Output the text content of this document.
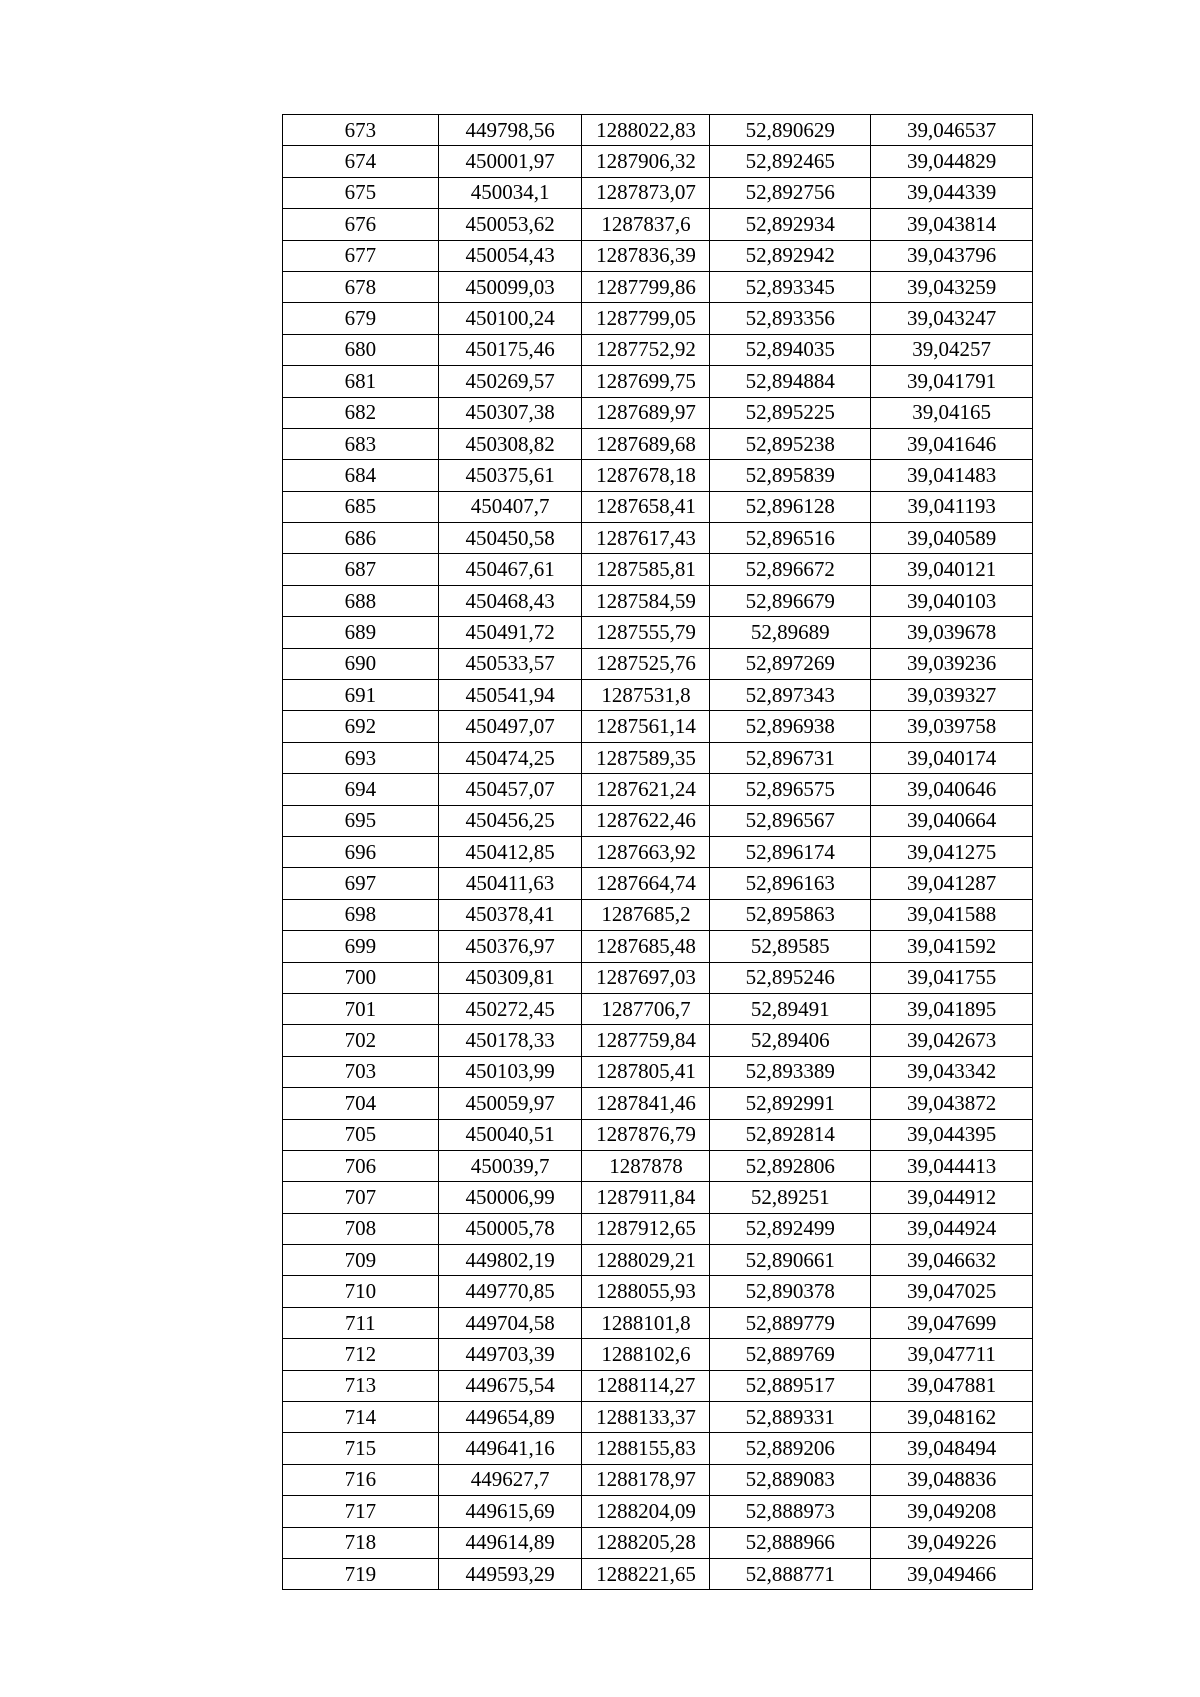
673	449798,56	1288022,83	52,890629	39,046537
674	450001,97	1287906,32	52,892465	39,044829
675	450034,1	1287873,07	52,892756	39,044339
676	450053,62	1287837,6	52,892934	39,043814
677	450054,43	1287836,39	52,892942	39,043796
678	450099,03	1287799,86	52,893345	39,043259
679	450100,24	1287799,05	52,893356	39,043247
680	450175,46	1287752,92	52,894035	39,04257
681	450269,57	1287699,75	52,894884	39,041791
682	450307,38	1287689,97	52,895225	39,04165
683	450308,82	1287689,68	52,895238	39,041646
684	450375,61	1287678,18	52,895839	39,041483
685	450407,7	1287658,41	52,896128	39,041193
686	450450,58	1287617,43	52,896516	39,040589
687	450467,61	1287585,81	52,896672	39,040121
688	450468,43	1287584,59	52,896679	39,040103
689	450491,72	1287555,79	52,89689	39,039678
690	450533,57	1287525,76	52,897269	39,039236
691	450541,94	1287531,8	52,897343	39,039327
692	450497,07	1287561,14	52,896938	39,039758
693	450474,25	1287589,35	52,896731	39,040174
694	450457,07	1287621,24	52,896575	39,040646
695	450456,25	1287622,46	52,896567	39,040664
696	450412,85	1287663,92	52,896174	39,041275
697	450411,63	1287664,74	52,896163	39,041287
698	450378,41	1287685,2	52,895863	39,041588
699	450376,97	1287685,48	52,89585	39,041592
700	450309,81	1287697,03	52,895246	39,041755
701	450272,45	1287706,7	52,89491	39,041895
702	450178,33	1287759,84	52,89406	39,042673
703	450103,99	1287805,41	52,893389	39,043342
704	450059,97	1287841,46	52,892991	39,043872
705	450040,51	1287876,79	52,892814	39,044395
706	450039,7	1287878	52,892806	39,044413
707	450006,99	1287911,84	52,89251	39,044912
708	450005,78	1287912,65	52,892499	39,044924
709	449802,19	1288029,21	52,890661	39,046632
710	449770,85	1288055,93	52,890378	39,047025
711	449704,58	1288101,8	52,889779	39,047699
712	449703,39	1288102,6	52,889769	39,047711
713	449675,54	1288114,27	52,889517	39,047881
714	449654,89	1288133,37	52,889331	39,048162
715	449641,16	1288155,83	52,889206	39,048494
716	449627,7	1288178,97	52,889083	39,048836
717	449615,69	1288204,09	52,888973	39,049208
718	449614,89	1288205,28	52,888966	39,049226
719	449593,29	1288221,65	52,888771	39,049466
